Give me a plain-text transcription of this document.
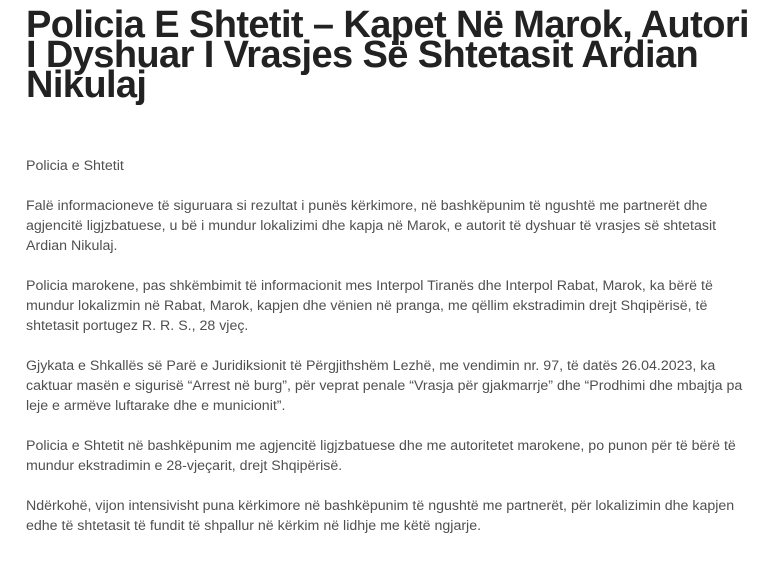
Policia E Shtetit – Kapet Në Marok, Autori I Dyshuar I Vrasjes Së Shtetasit Ardian Nikulaj

Policia e Shtetit

Falë informacioneve të siguruara si rezultat i punës kërkimore, në bashkëpunim të ngushtë me partnerët dhe agjencitë ligjzbatuese, u bë i mundur lokalizimi dhe kapja në Marok, e autorit të dyshuar të vrasjes së shtetasit Ardian Nikulaj.

Policia marokene, pas shkëmbimit të informacionit mes Interpol Tiranës dhe Interpol Rabat, Marok, ka bërë të mundur lokalizmin në Rabat, Marok, kapjen dhe vënien në pranga, me qëllim ekstradimin drejt Shqipërisë, të shtetasit portugez R. R. S., 28 vjeç.

Gjykata e Shkallës së Parë e Juridiksionit të Përgjithshëm Lezhë, me vendimin nr. 97, të datës 26.04.2023, ka caktuar masën e sigurisë “Arrest në burg”, për veprat penale “Vrasja për gjakmarrje” dhe “Prodhimi dhe mbajtja pa leje e armëve luftarake dhe e municionit”.

Policia e Shtetit në bashkëpunim me agjencitë ligjzbatuese dhe me autoritetet marokene, po punon për të bërë të mundur ekstradimin e 28-vjeçarit, drejt Shqipërisë.

Ndërkohë, vijon intensivisht puna kërkimore në bashkëpunim të ngushtë me partnerët, për lokalizimin dhe kapjen edhe të shtetasit të fundit të shpallur në kërkim në lidhje me këtë ngjarje.
